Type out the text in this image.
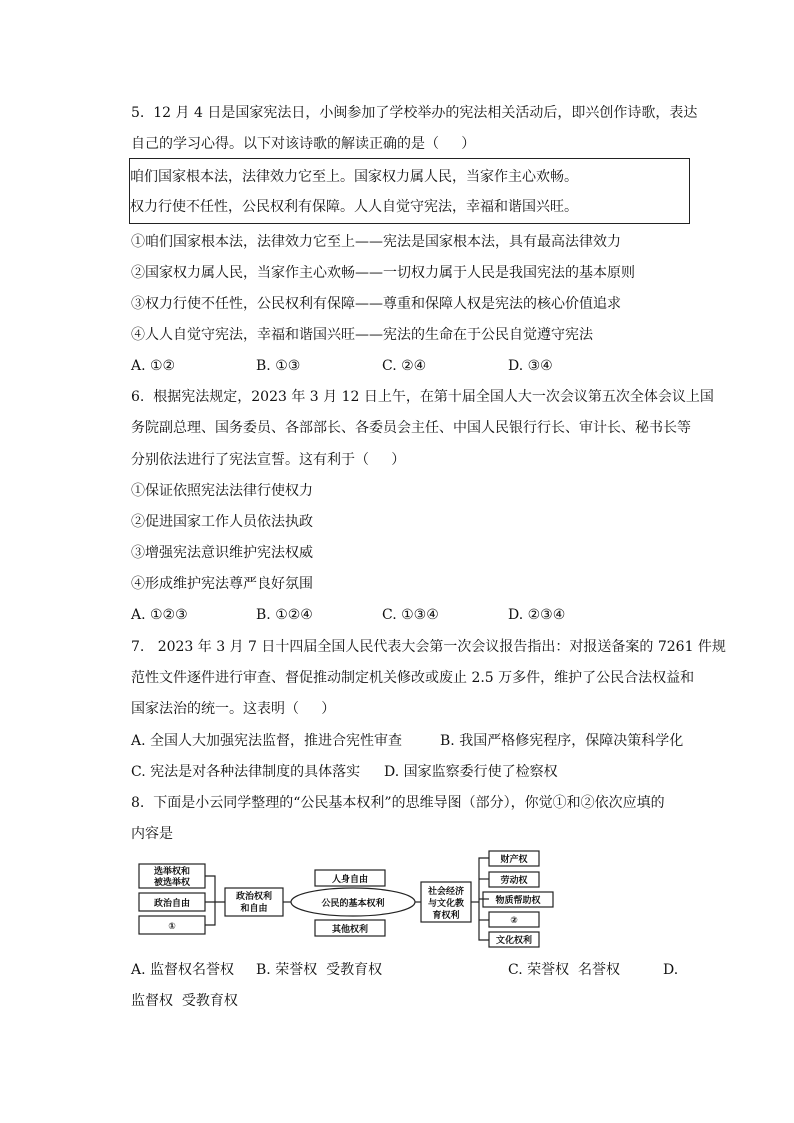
5.  12 月 4 日是国家宪法日，小闽参加了学校举办的宪法相关活动后，即兴创作诗歌，表达
自己的学习心得。以下对该诗歌的解读正确的是（     ）
咱们国家根本法，法律效力它至上。国家权力属人民，当家作主心欢畅。
权力行使不任性，公民权利有保障。人人自觉守宪法，幸福和谐国兴旺。
①咱们国家根本法，法律效力它至上——宪法是国家根本法，具有最高法律效力
②国家权力属人民，当家作主心欢畅——一切权力属于人民是我国宪法的基本原则
③权力行使不任性，公民权利有保障——尊重和保障人权是宪法的核心价值追求
④人人自觉守宪法，幸福和谐国兴旺——宪法的生命在于公民自觉遵守宪法
A. ①②	B. ①③	C. ②④	D. ③④
6.  根据宪法规定，2023 年 3 月 12 日上午，在第十届全国人大一次会议第五次全体会议上国
务院副总理、国务委员、各部部长、各委员会主任、中国人民银行行长、审计长、秘书长等
分别依法进行了宪法宣誓。这有利于（     ）
①保证依照宪法法律行使权力
②促进国家工作人员依法执政
③增强宪法意识维护宪法权威
④形成维护宪法尊严良好氛围
A. ①②③	B. ①②④	C. ①③④	D. ②③④
7.   2023 年 3 月 7 日十四届全国人民代表大会第一次会议报告指出：对报送备案的 7261 件规
范性文件逐件进行审查、督促推动制定机关修改或废止 2.5 万多件，维护了公民合法权益和
国家法治的统一。这表明（     ）
A. 全国人大加强宪法监督，推进合宪性审查	B. 我国严格修宪程序，保障决策科学化
C. 宪法是对各种法律制度的具体落实 D. 国家监察委行使了检察权
8.  下面是小云同学整理的“公民基本权利”的思维导图（部分），你觉①和②依次应填的
内容是
选举权和
被选举权
政治自由
①
政治权利
和自由	公民的基本权利
人身自由
其他权利
社会经济
与文化教
育权利
财产权
劳动权
物质帮助权
②
文化权利
A. 监督权名誉权 B. 荣誉权  受教育权	C. 荣誉权  名誉权	D.
监督权  受教育权
